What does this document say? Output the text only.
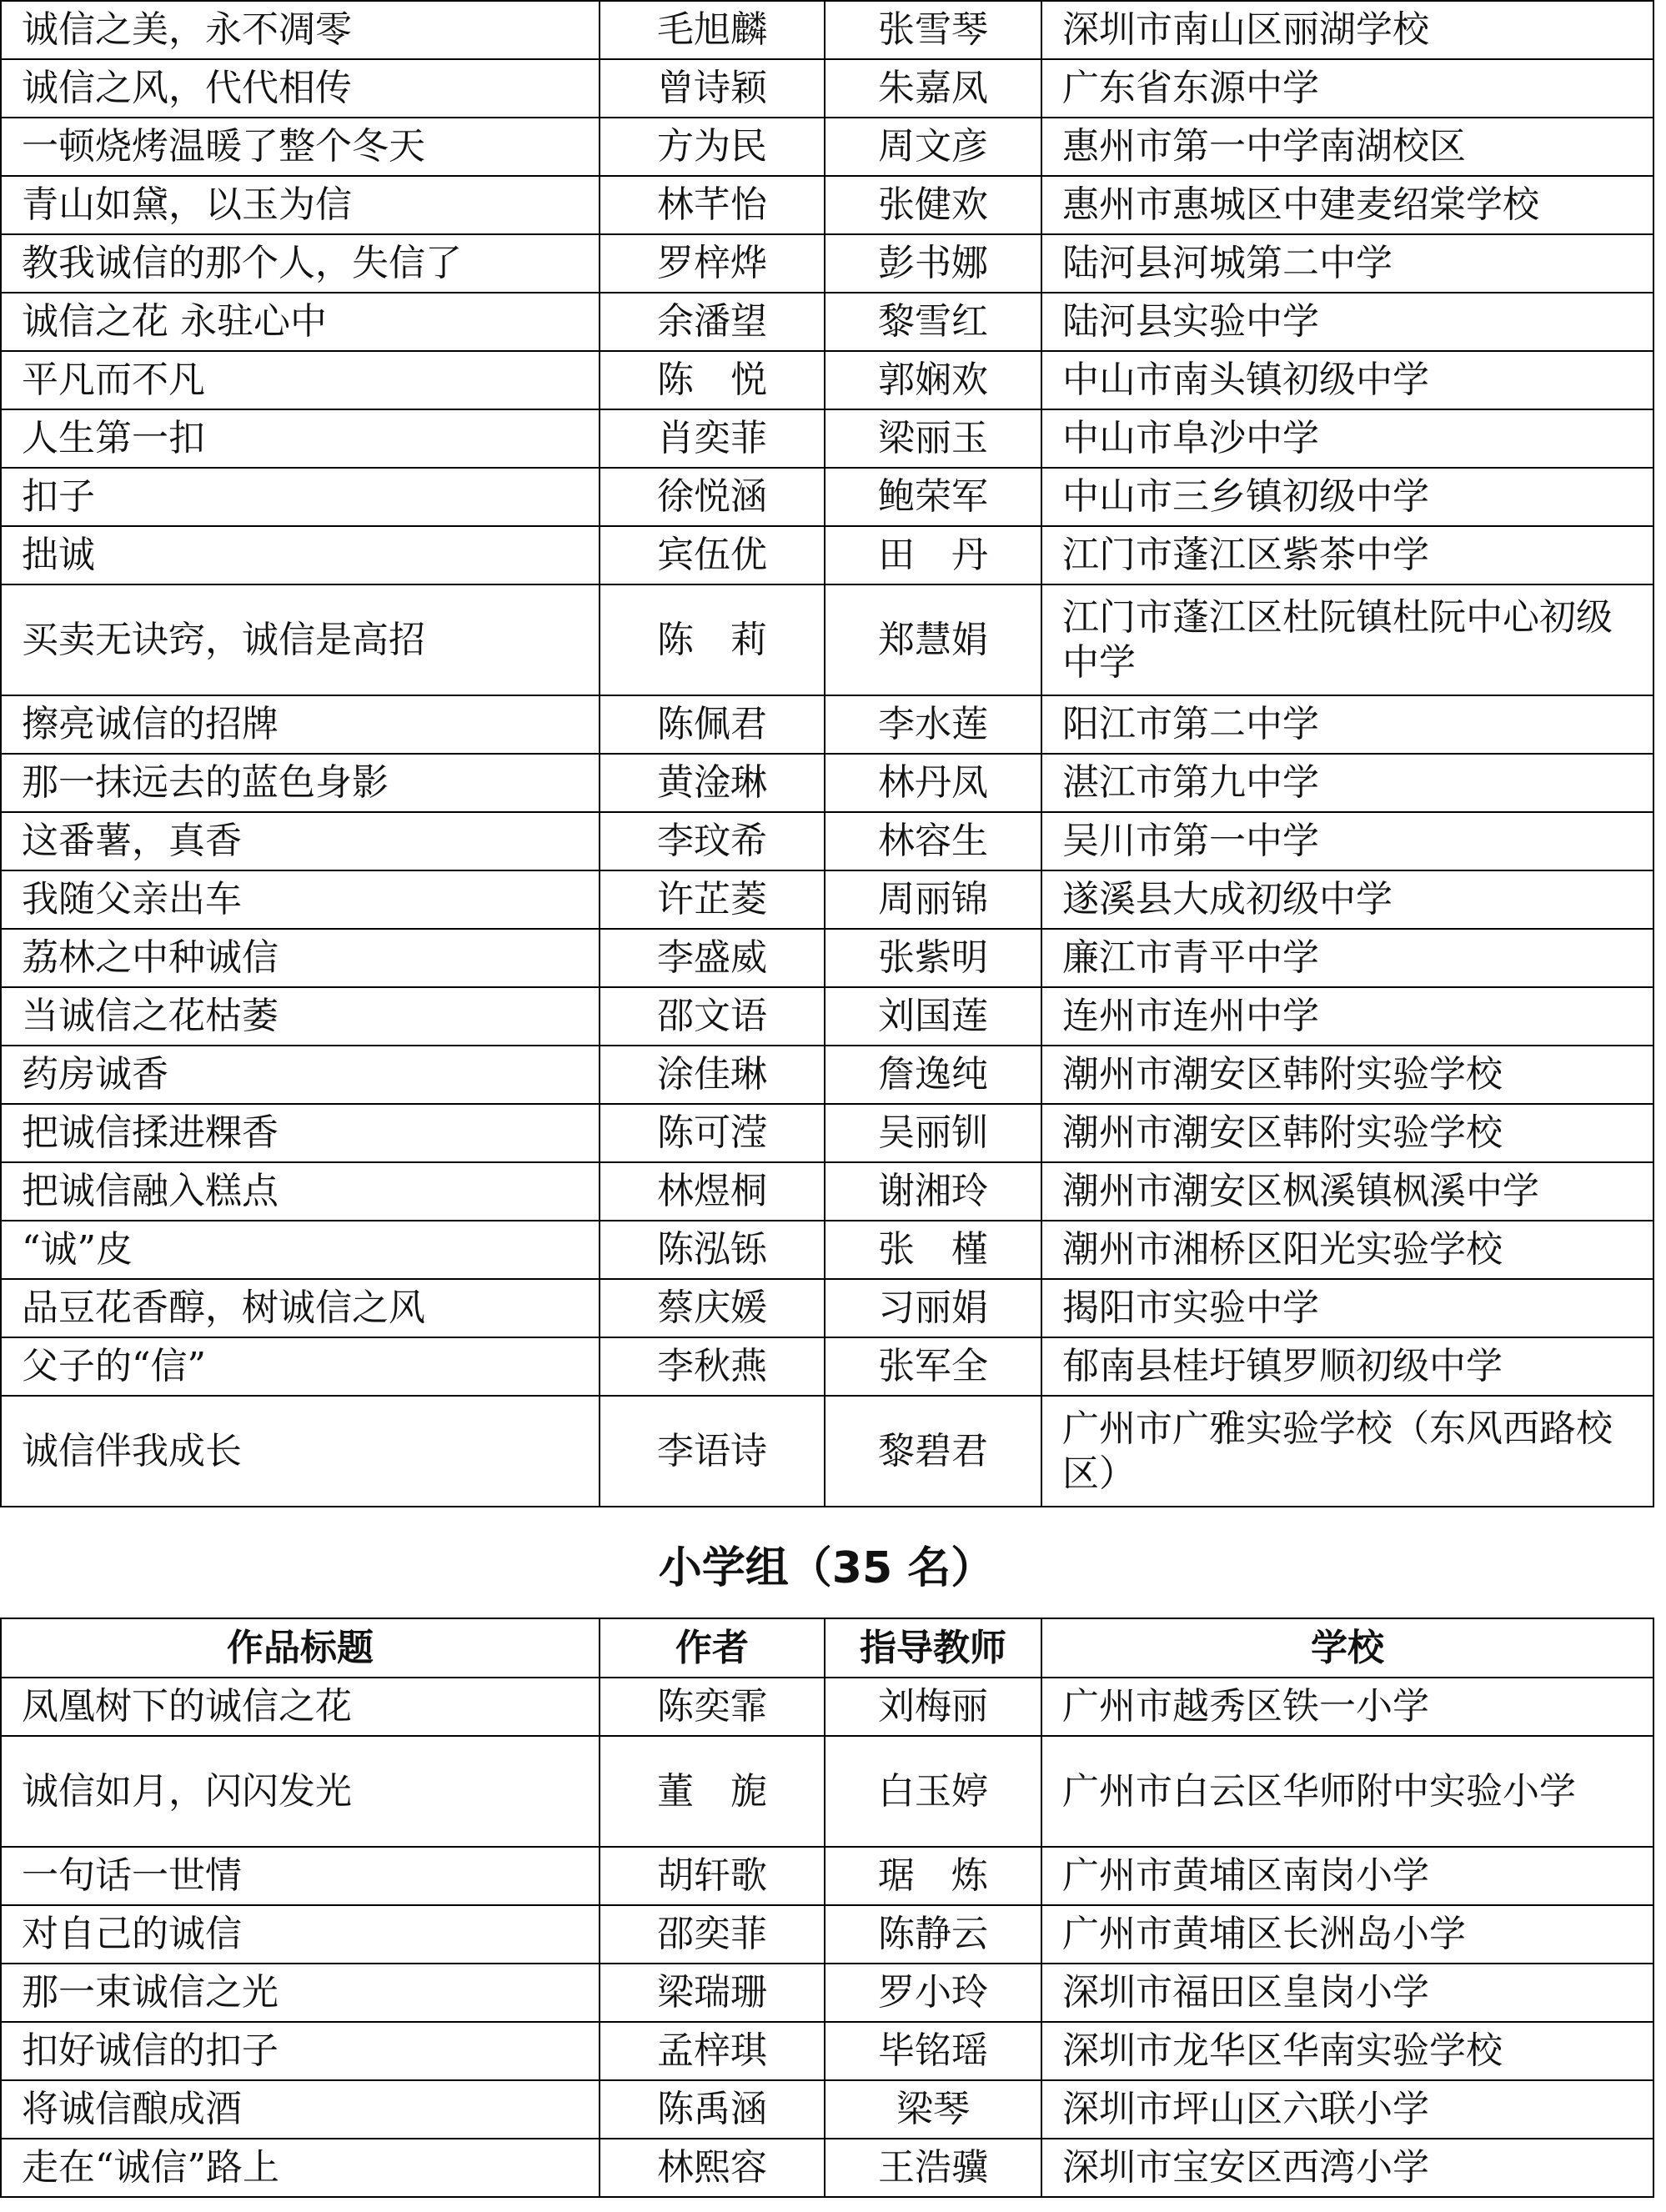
诚信之美，永不凋零	毛旭麟	张雪琴	深圳市南山区丽湖学校
诚信之风，代代相传	曾诗颖	朱嘉凤	广东省东源中学
一顿烧烤温暖了整个冬天	方为民	周文彦	惠州市第一中学南湖校区
青山如黛，以玉为信	林芊怡	张健欢	惠州市惠城区中建麦绍棠学校
教我诚信的那个人，失信了	罗梓烨	彭书娜	陆河县河城第二中学
诚信之花 永驻心中	余潘望	黎雪红	陆河县实验中学
平凡而不凡	陈　悦	郭娴欢	中山市南头镇初级中学
人生第一扣	肖奕菲	梁丽玉	中山市阜沙中学
扣子	徐悦涵	鲍荣军	中山市三乡镇初级中学
拙诚	宾伍优	田　丹	江门市蓬江区紫茶中学
买卖无诀窍，诚信是高招	陈　莉	郑慧娟	江门市蓬江区杜阮镇杜阮中心初级中学
擦亮诚信的招牌	陈佩君	李水莲	阳江市第二中学
那一抹远去的蓝色身影	黄淦琳	林丹凤	湛江市第九中学
这番薯，真香	李玟希	林容生	吴川市第一中学
我随父亲出车	许芷菱	周丽锦	遂溪县大成初级中学
荔林之中种诚信	李盛威	张紫明	廉江市青平中学
当诚信之花枯萎	邵文语	刘国莲	连州市连州中学
药房诚香	涂佳琳	詹逸纯	潮州市潮安区韩附实验学校
把诚信揉进粿香	陈可滢	吴丽钏	潮州市潮安区韩附实验学校
把诚信融入糕点	林煜桐	谢湘玲	潮州市潮安区枫溪镇枫溪中学
“诚”皮	陈泓铄	张　槿	潮州市湘桥区阳光实验学校
品豆花香醇，树诚信之风	蔡庆媛	习丽娟	揭阳市实验中学
父子的“信”	李秋燕	张军全	郁南县桂圩镇罗顺初级中学
诚信伴我成长	李语诗	黎碧君	广州市广雅实验学校（东风西路校区）
小学组（35 名）
作品标题	作者	指导教师	学校
凤凰树下的诚信之花	陈奕霏	刘梅丽	广州市越秀区铁一小学
诚信如月，闪闪发光	董　旎	白玉婷	广州市白云区华师附中实验小学
一句话一世情	胡轩歌	琚　炼	广州市黄埔区南岗小学
对自己的诚信	邵奕菲	陈静云	广州市黄埔区长洲岛小学
那一束诚信之光	梁瑞珊	罗小玲	深圳市福田区皇岗小学
扣好诚信的扣子	孟梓琪	毕铭瑶	深圳市龙华区华南实验学校
将诚信酿成酒	陈禹涵	梁琴	深圳市坪山区六联小学
走在“诚信”路上	林熙容	王浩骥	深圳市宝安区西湾小学
